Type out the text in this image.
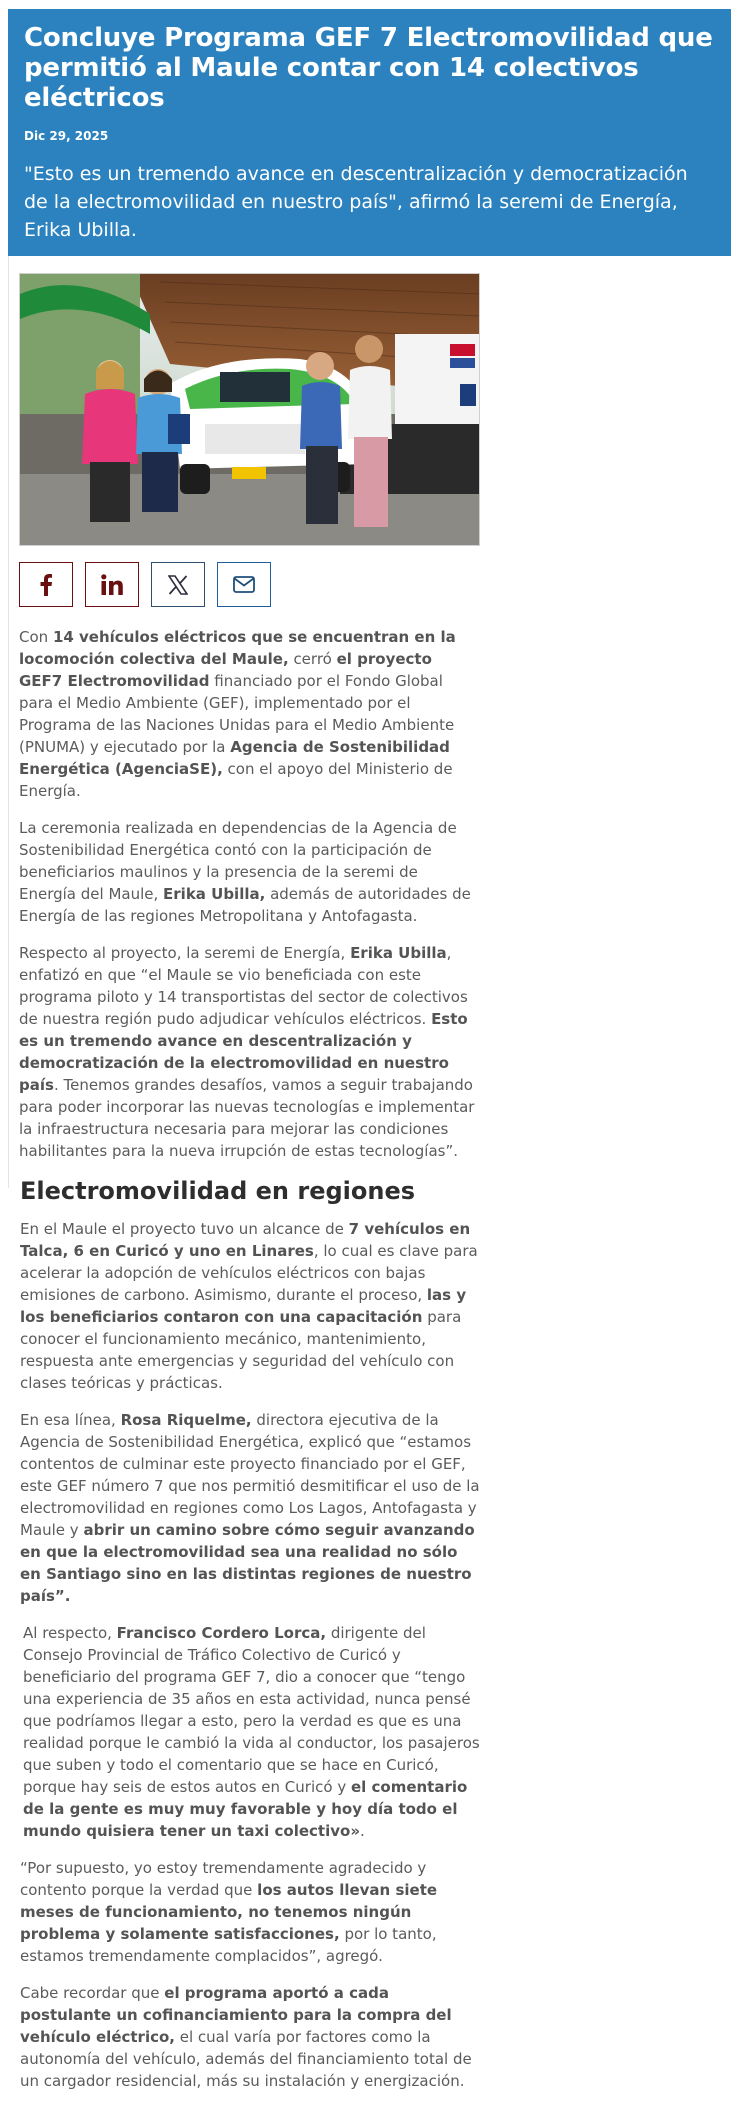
Concluye Programa GEF 7 Electromovilidad que permitió al Maule contar con 14 colectivos eléctricos
Dic 29, 2025
"Esto es un tremendo avance en descentralización y democratización de la electromovilidad en nuestro país", afirmó la seremi de Energía, Erika Ubilla.

Con 14 vehículos eléctricos que se encuentran en la locomoción colectiva del Maule, cerró el proyecto GEF7 Electromovilidad financiado por el Fondo Global para el Medio Ambiente (GEF), implementado por el Programa de las Naciones Unidas para el Medio Ambiente (PNUMA) y ejecutado por la Agencia de Sostenibilidad Energética (AgenciaSE), con el apoyo del Ministerio de Energía.

La ceremonia realizada en dependencias de la Agencia de Sostenibilidad Energética contó con la participación de beneficiarios maulinos y la presencia de la seremi de Energía del Maule, Erika Ubilla, además de autoridades de Energía de las regiones Metropolitana y Antofagasta.

Respecto al proyecto, la seremi de Energía, Erika Ubilla, enfatizó en que “el Maule se vio beneficiada con este programa piloto y 14 transportistas del sector de colectivos de nuestra región pudo adjudicar vehículos eléctricos. Esto es un tremendo avance en descentralización y democratización de la electromovilidad en nuestro país. Tenemos grandes desafíos, vamos a seguir trabajando para poder incorporar las nuevas tecnologías e implementar la infraestructura necesaria para mejorar las condiciones habilitantes para la nueva irrupción de estas tecnologías”.

Electromovilidad en regiones

En el Maule el proyecto tuvo un alcance de 7 vehículos en Talca, 6 en Curicó y uno en Linares, lo cual es clave para acelerar la adopción de vehículos eléctricos con bajas emisiones de carbono. Asimismo, durante el proceso, las y los beneficiarios contaron con una capacitación para conocer el funcionamiento mecánico, mantenimiento, respuesta ante emergencias y seguridad del vehículo con clases teóricas y prácticas.

En esa línea, Rosa Riquelme, directora ejecutiva de la Agencia de Sostenibilidad Energética, explicó que “estamos contentos de culminar este proyecto financiado por el GEF, este GEF número 7 que nos permitió desmitificar el uso de la electromovilidad en regiones como Los Lagos, Antofagasta y Maule y abrir un camino sobre cómo seguir avanzando en que la electromovilidad sea una realidad no sólo en Santiago sino en las distintas regiones de nuestro país”.

Al respecto, Francisco Cordero Lorca, dirigente del Consejo Provincial de Tráfico Colectivo de Curicó y beneficiario del programa GEF 7, dio a conocer que “tengo una experiencia de 35 años en esta actividad, nunca pensé que podríamos llegar a esto, pero la verdad es que es una realidad porque le cambió la vida al conductor, los pasajeros que suben y todo el comentario que se hace en Curicó, porque hay seis de estos autos en Curicó y el comentario de la gente es muy muy favorable y hoy día todo el mundo quisiera tener un taxi colectivo».

“Por supuesto, yo estoy tremendamente agradecido y contento porque la verdad que los autos llevan siete meses de funcionamiento, no tenemos ningún problema y solamente satisfacciones, por lo tanto, estamos tremendamente complacidos”, agregó.

Cabe recordar que el programa aportó a cada postulante un cofinanciamiento para la compra del vehículo eléctrico, el cual varía por factores como la autonomía del vehículo, además del financiamiento total de un cargador residencial, más su instalación y energización.
